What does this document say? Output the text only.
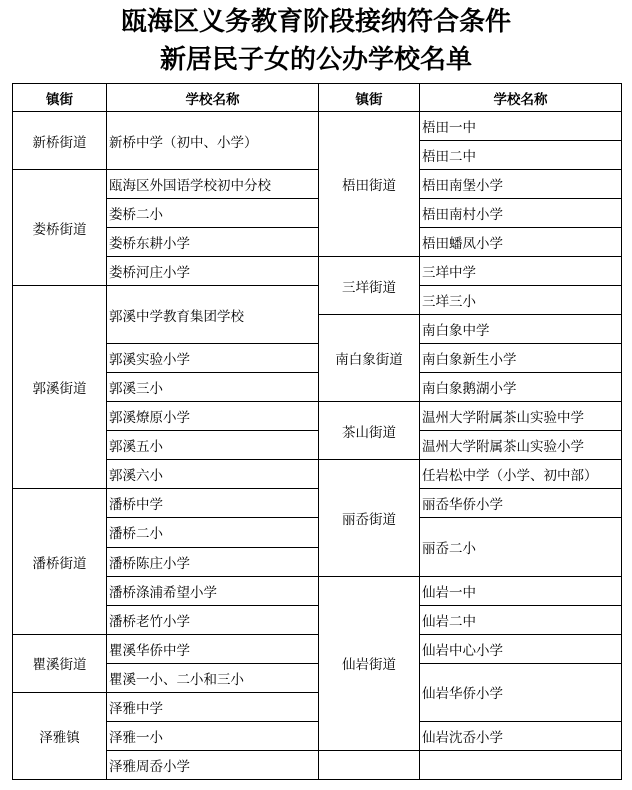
瓯海区义务教育阶段接纳符合条件
新居民子女的公办学校名单
镇街	学校名称	镇街	学校名称
新桥街道	新桥中学（初中、小学）	梧田街道	梧田一中
			梧田二中
娄桥街道	瓯海区外国语学校初中分校		梧田南堡小学
	娄桥二小		梧田南村小学
	娄桥东耕小学		梧田蟠凤小学
	娄桥河庄小学	三垟街道	三垟中学
郭溪街道	郭溪中学教育集团学校		三垟三小
		南白象街道	南白象中学
	郭溪实验小学		南白象新生小学
	郭溪三小		南白象鹅湖小学
	郭溪燎原小学	茶山街道	温州大学附属茶山实验中学
	郭溪五小		温州大学附属茶山实验小学
	郭溪六小	丽岙街道	任岩松中学（小学、初中部）
潘桥街道	潘桥中学		丽岙华侨小学
	潘桥二小		丽岙二小
	潘桥陈庄小学		
	潘桥涤浦希望小学	仙岩街道	仙岩一中
	潘桥老竹小学		仙岩二中
瞿溪街道	瞿溪华侨中学		仙岩中心小学
	瞿溪一小、二小和三小		仙岩华侨小学
泽雅镇	泽雅中学		
	泽雅一小		仙岩沈岙小学
	泽雅周岙小学		
